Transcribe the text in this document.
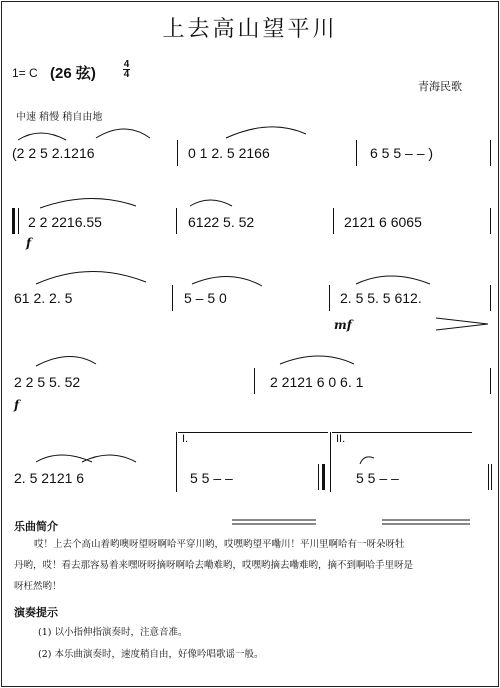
上去高山望平川
1= C (26 弦)
4
4
青海民歌
中速 稍慢 稍自由地
(2 2 5 2.1216	0 1 2. 5 2166	6 5 5 – – )
2 2 2216.55	6122 5. 52	2121 6 6065
f
61 2. 2. 5	5 – 5 0	2. 5 5. 5 612.
mf
2 2 5 5. 52	2 2121 6 0 6. 1
f
2. 5 2121 6	5 5 – –	5 5 – –
I.	II.
乐曲简介
哎！上去个高山着哟噢呀望呀啊哈平穿川哟，哎嘿哟望平嘞川！平川里啊哈有一呀朵呀牡
丹哟，哎！看去那容易着来嘿呀呀摘呀啊哈去嘞难哟，哎嘿哟摘去嘞难哟，摘不到啊哈手里呀是
呀枉然哟！
演奏提示
(1) 以小指伸指演奏时，注意音准。
(2) 本乐曲演奏时，速度稍自由，好像吟唱歌谣一般。
